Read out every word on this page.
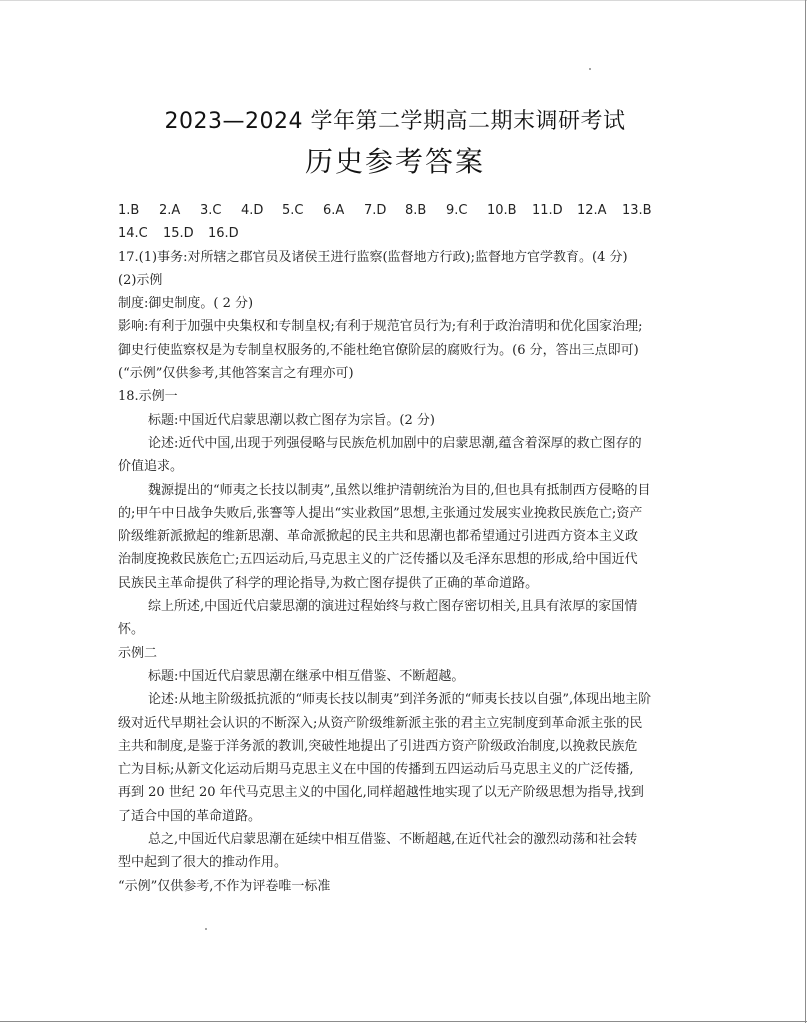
2023—2024 学年第二学期高二期末调研考试
历史参考答案
1.B	2.A	3.C	4.D	5.C	6.A	7.D	8.B	9.C	10.B	11.D	12.A	13.B
14.C	15.D	16.D
17.(1)事务:对所辖之郡官员及诸侯王进行监察(监督地方行政);监督地方官学教育。(4 分)
(2)示例
制度:御史制度。( 2 分)
影响:有利于加强中央集权和专制皇权;有利于规范官员行为;有利于政治清明和优化国家治理;
御史行使监察权是为专制皇权服务的,不能杜绝官僚阶层的腐败行为。(6 分，答出三点即可)
(“示例”仅供参考,其他答案言之有理亦可)
18.示例一
标题:中国近代启蒙思潮以救亡图存为宗旨。(2 分)
论述:近代中国,出现于列强侵略与民族危机加剧中的启蒙思潮,蕴含着深厚的救亡图存的
价值追求。
魏源提出的“师夷之长技以制夷”,虽然以维护清朝统治为目的,但也具有抵制西方侵略的目
的;甲午中日战争失败后,张謇等人提出“实业救国”思想,主张通过发展实业挽救民族危亡;资产
阶级维新派掀起的维新思潮、革命派掀起的民主共和思潮也都希望通过引进西方资本主义政
治制度挽救民族危亡;五四运动后,马克思主义的广泛传播以及毛泽东思想的形成,给中国近代
民族民主革命提供了科学的理论指导,为救亡图存提供了正确的革命道路。
综上所述,中国近代启蒙思潮的演进过程始终与救亡图存密切相关,且具有浓厚的家国情
怀。
示例二
标题:中国近代启蒙思潮在继承中相互借鉴、不断超越。
论述:从地主阶级抵抗派的“师夷长技以制夷”到洋务派的“师夷长技以自强”,体现出地主阶
级对近代早期社会认识的不断深入;从资产阶级维新派主张的君主立宪制度到革命派主张的民
主共和制度,是鉴于洋务派的教训,突破性地提出了引进西方资产阶级政治制度,以挽救民族危
亡为目标;从新文化运动后期马克思主义在中国的传播到五四运动后马克思主义的广泛传播,
再到 20 世纪 20 年代马克思主义的中国化,同样超越性地实现了以无产阶级思想为指导,找到
了适合中国的革命道路。
总之,中国近代启蒙思潮在延续中相互借鉴、不断超越,在近代社会的激烈动荡和社会转
型中起到了很大的推动作用。
“示例”仅供参考,不作为评卷唯一标准
